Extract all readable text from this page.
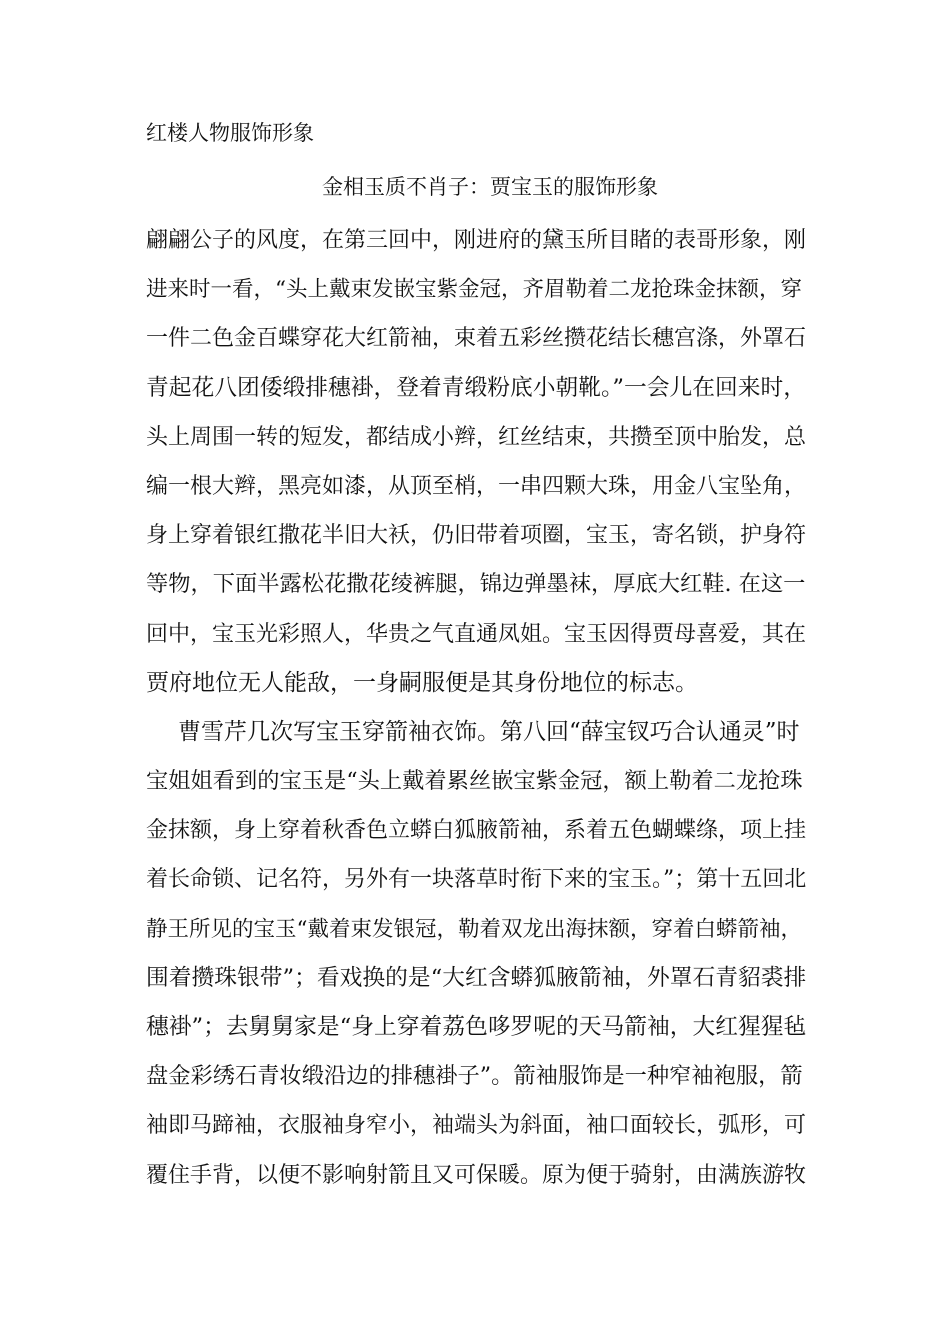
红楼人物服饰形象
金相玉质不肖子：贾宝玉的服饰形象
翩翩公子的风度，在第三回中，刚进府的黛玉所目睹的表哥形象，刚
进来时一看，“头上戴束发嵌宝紫金冠，齐眉勒着二龙抢珠金抹额，穿
一件二色金百蝶穿花大红箭袖，束着五彩丝攒花结长穗宫涤，外罩石
青起花八团倭缎排穗褂，登着青缎粉底小朝靴。”一会儿在回来时，
头上周围一转的短发，都结成小辫，红丝结束，共攒至顶中胎发，总
编一根大辫，黑亮如漆，从顶至梢，一串四颗大珠，用金八宝坠角，
身上穿着银红撒花半旧大袄，仍旧带着项圈，宝玉，寄名锁，护身符
等物，下面半露松花撒花绫裤腿，锦边弹墨袜，厚底大红鞋. 在这一
回中，宝玉光彩照人，华贵之气直通凤姐。宝玉因得贾母喜爱，其在
贾府地位无人能敌，一身嗣服便是其身份地位的标志。
曹雪芹几次写宝玉穿箭袖衣饰。第八回“薛宝钗巧合认通灵”时
宝姐姐看到的宝玉是“头上戴着累丝嵌宝紫金冠，额上勒着二龙抢珠
金抹额，身上穿着秋香色立蟒白狐腋箭袖，系着五色蝴蝶绦，项上挂
着长命锁、记名符，另外有一块落草时衔下来的宝玉。”；第十五回北
静王所见的宝玉“戴着束发银冠，勒着双龙出海抹额，穿着白蟒箭袖，
围着攒珠银带”；看戏换的是“大红含蟒狐腋箭袖，外罩石青貂裘排
穗褂”；去舅舅家是“身上穿着荔色哆罗呢的天马箭袖，大红猩猩毡
盘金彩绣石青妆缎沿边的排穗褂子”。箭袖服饰是一种窄袖袍服，箭
袖即马蹄袖，衣服袖身窄小，袖端头为斜面，袖口面较长，弧形，可
覆住手背，以便不影响射箭且又可保暖。原为便于骑射，由满族游牧
